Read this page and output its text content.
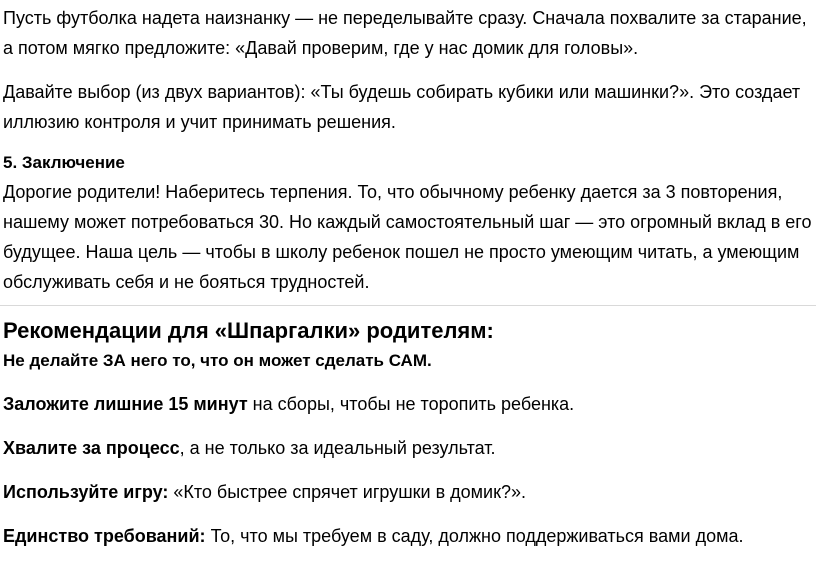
Пусть футболка надета наизнанку — не переделывайте сразу. Сначала похвалите за старание, а потом мягко предложите: «Давай проверим, где у нас домик для головы».

Давайте выбор (из двух вариантов): «Ты будешь собирать кубики или машинки?». Это создает иллюзию контроля и учит принимать решения.

5. Заключение

Дорогие родители! Наберитесь терпения. То, что обычному ребенку дается за 3 повторения, нашему может потребоваться 30. Но каждый самостоятельный шаг — это огромный вклад в его будущее. Наша цель — чтобы в школу ребенок пошел не просто умеющим читать, а умеющим обслуживать себя и не бояться трудностей.

Рекомендации для «Шпаргалки» родителям:
Не делайте ЗА него то, что он может сделать САМ.
Заложите лишние 15 минут на сборы, чтобы не торопить ребенка.
Хвалите за процесс, а не только за идеальный результат.
Используйте игру: «Кто быстрее спрячет игрушки в домик?».
Единство требований: То, что мы требуем в саду, должно поддерживаться вами дома.
